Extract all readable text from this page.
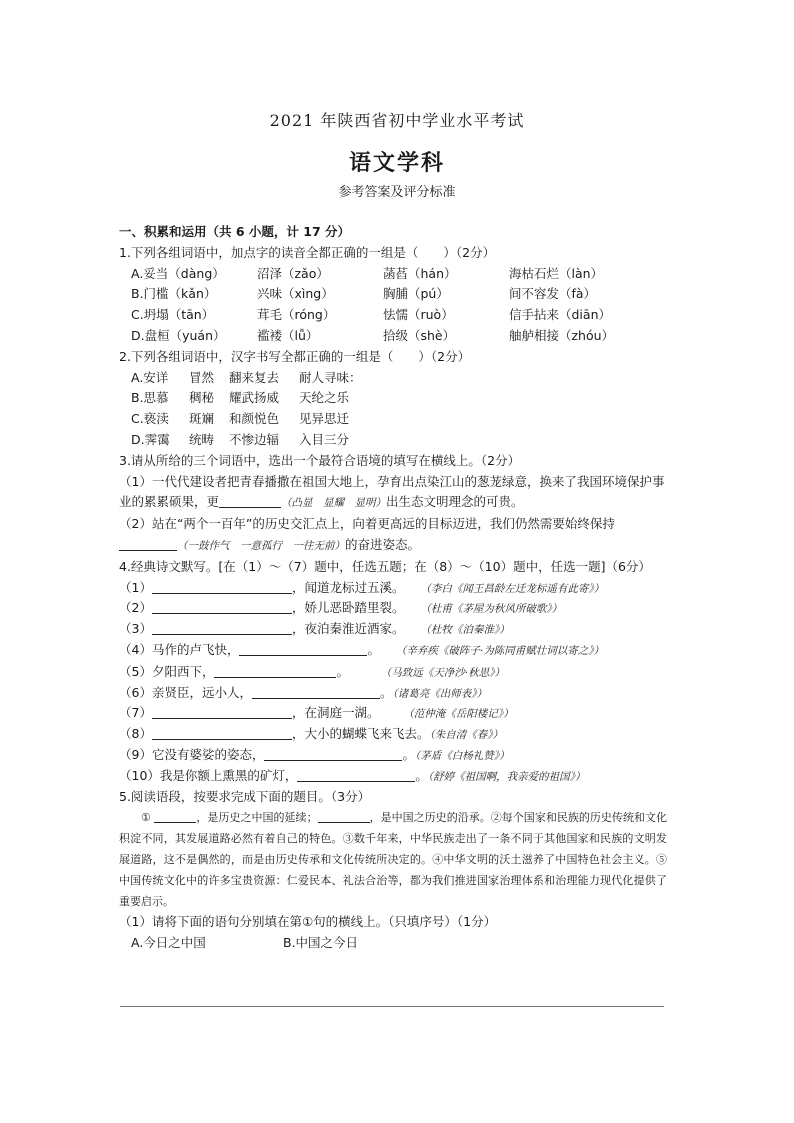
2021 年陕西省初中学业水平考试
语文学科
参考答案及评分标准
一、积累和运用（共 6 小题，计 17 分）
1.下列各组词语中，加点字的读音全都正确的一组是（　　）（2分）
A.妥当（dàng）	沼泽（zǎo）	菡萏（hán）	海枯石烂（làn）
B.门槛（kǎn）	兴味（xìng）	胸脯（pú）	间不容发（fà）
C.坍塌（tān）	茸毛（róng）	怯懦（ruò）	信手拈来（diān）
D.盘桓（yuán）	褴褛（lǚ）	拾级（shè）	舳舻相接（zhóu）
2.下列各组词语中，汉字书写全都正确的一组是（　　）（2分）
A.安详 冒然 翻来复去 耐人寻味：
B.思慕 稠秘 耀武扬威 天纶之乐
C.亵渎 斑斓 和颜悦色 见异思迁
D.霁霭 统畴 不惨边辐 入目三分
3.请从所给的三个词语中，选出一个最符合语境的填写在横线上。（2分）
（1）一代代建设者把青春播撒在祖国大地上，孕育出点染江山的葱茏绿意，换来了我国环境保护事业的累累硕果，更	（凸显　显耀　显明）出生态文明理念的可贵。
（2）站在“两个一百年”的历史交汇点上，向着更高远的目标迈进，我们仍然需要始终保持（一鼓作气　一意孤行　一往无前）的奋进姿态。
4.经典诗文默写。[在（1）～（7）题中，任选五题；在（8）～（10）题中，任选一题]（6分）
（1）	，闻道龙标过五溪。 （李白《闻王昌龄左迁龙标遥有此寄》）
（2）	，娇儿恶卧踏里裂。 （杜甫《茅屋为秋风所破歌》）
（3）	，夜泊秦淮近酒家。 （杜牧《泊秦淮》）
（4）马作的卢飞快，	。 （辛弃疾《破阵子·为陈同甫赋壮词以寄之》）
（5）夕阳西下，	。	（马致远《天净沙·秋思》）
（6）亲贤臣，远小人，	。（诸葛亮《出师表》）
（7）	，在洞庭一湖。 （范仲淹《岳阳楼记》）
（8）	，大小的蝴蝶飞来飞去。（朱自清《春》）
（9）它没有婆娑的姿态，	。（茅盾《白杨礼赞》）
（10）我是你额上熏黑的矿灯，	。（舒婷《祖国啊，我亲爱的祖国》）
5.阅读语段，按要求完成下面的题目。（3分）
①	，是历史之中国的延续；	，是中国之历史的沿承。②每个国家和民族的历史传统和文化积淀不同，其发展道路必然有着自己的特色。③数千年来，中华民族走出了一条不同于其他国家和民族的文明发展道路，这不是偶然的，而是由历史传承和文化传统所决定的。④中华文明的沃土滋养了中国特色社会主义。⑤中国传统文化中的许多宝贵资源：仁爱民本、礼法合治等，都为我们推进国家治理体系和治理能力现代化提供了重要启示。
（1）请将下面的语句分别填在第①句的横线上。（只填序号）（1分）
A.今日之中国	B.中国之今日
